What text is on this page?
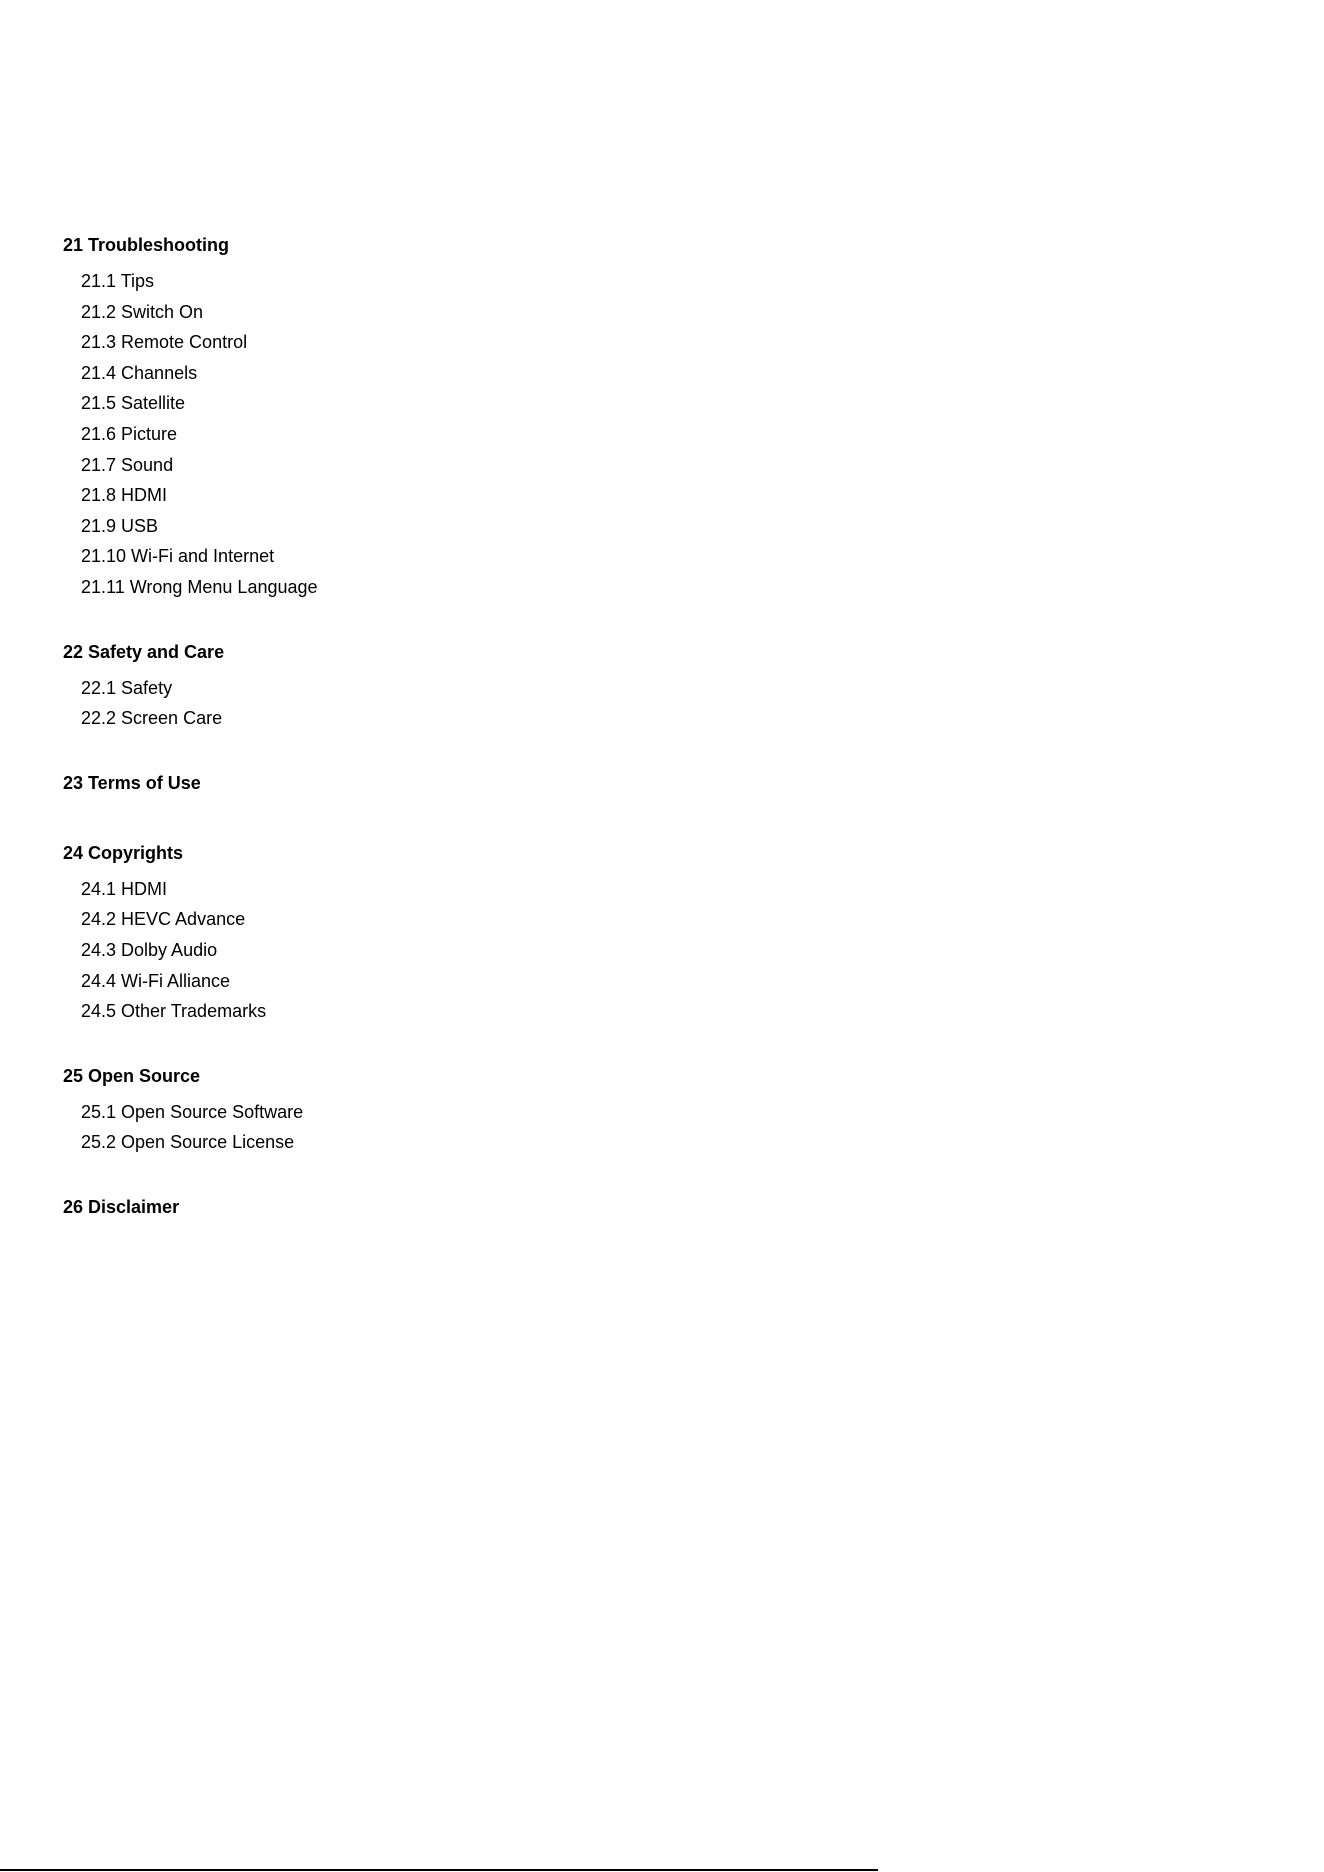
21 Troubleshooting
21.1 Tips
21.2 Switch On
21.3 Remote Control
21.4 Channels
21.5 Satellite
21.6 Picture
21.7 Sound
21.8 HDMI
21.9 USB
21.10 Wi-Fi and Internet
21.11 Wrong Menu Language
22 Safety and Care
22.1 Safety
22.2 Screen Care
23 Terms of Use
24 Copyrights
24.1 HDMI
24.2 HEVC Advance
24.3 Dolby Audio
24.4 Wi-Fi Alliance
24.5 Other Trademarks
25 Open Source
25.1 Open Source Software
25.2 Open Source License
26 Disclaimer
